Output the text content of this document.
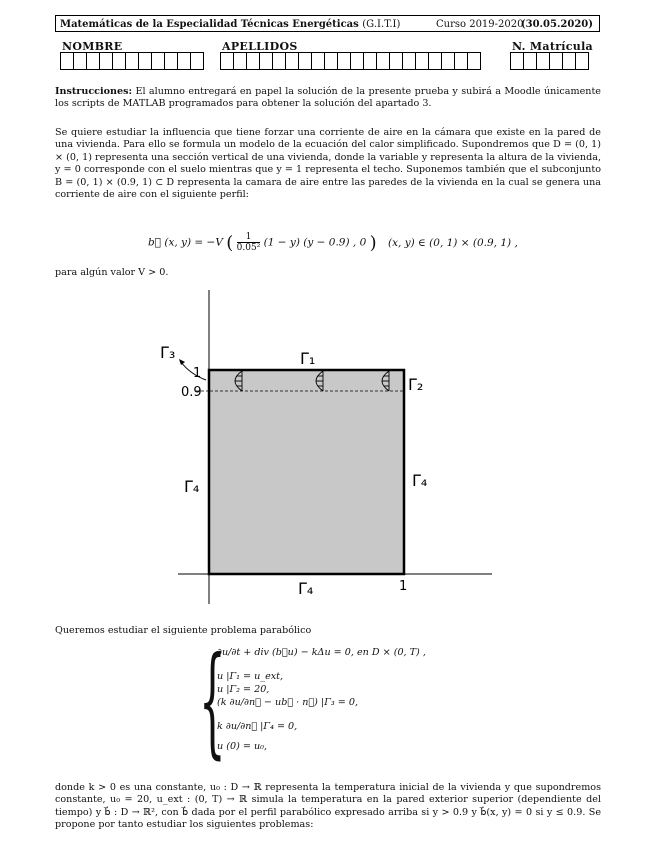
Matemáticas de la Especialidad Técnicas Energéticas (G.I.T.I)	Curso 2019-2020
(30.05.2020)
NOMBRE	APELLIDOS	N. Matrícula
Instrucciones: El alumno entregará en papel la solución de la presente prueba y subirá a Moodle únicamente los scripts de MATLAB programados para obtener la solución del apartado 3.
Se quiere estudiar la influencia que tiene forzar una corriente de aire en la cámara que existe en la pared de una vivienda. Para ello se formula un modelo de la ecuación del calor simplificado. Supondremos que D = (0, 1) × (0, 1) representa una sección vertical de una vivienda, donde la variable y representa la altura de la vivienda, y = 0 corresponde con el suelo mientras que y = 1 representa el techo. Suponemos también que el subconjunto B = (0, 1) × (0.9, 1) ⊂ D representa la camara de aire entre las paredes de la vivienda en la cual se genera una corriente de aire con el siguiente perfil:
b⃗ (x, y) = −V ( $\frac{1}{\text{0.05²}} (1 - y) (y - 0.9)$ , 0 ) (x, y) ∈ (0, 1) × (0.9, 1) ,
para algún valor V > 0.
Γ₃	Γ₁
Γ₂
Γ₄	Γ₄
Γ₄
1
0.9
1
Queremos estudiar el siguiente problema parabólico
{
∂u/∂t + div (b⃗u) − kΔu = 0, en D × (0, T) ,
u |Γ₁ = u_ext,
u |Γ₂ = 20,
(k ∂u/∂n⃗ − ub⃗ · n⃗) |Γ₃ = 0,
k ∂u/∂n⃗ |Γ₄ = 0,
u (0) = u₀,
donde k > 0 es una constante, u₀ : D → ℝ representa la temperatura inicial de la vivienda y que supondremos constante, u₀ = 20, u_ext : (0, T) → ℝ simula la temperatura en la pared exterior superior (dependiente del tiempo) y b⃗ : D → ℝ², con b⃗ dada por el perfil parabólico expresado arriba si y > 0.9 y b⃗(x, y) = 0 si y ≤ 0.9. Se propone por tanto estudiar los siguientes problemas:
